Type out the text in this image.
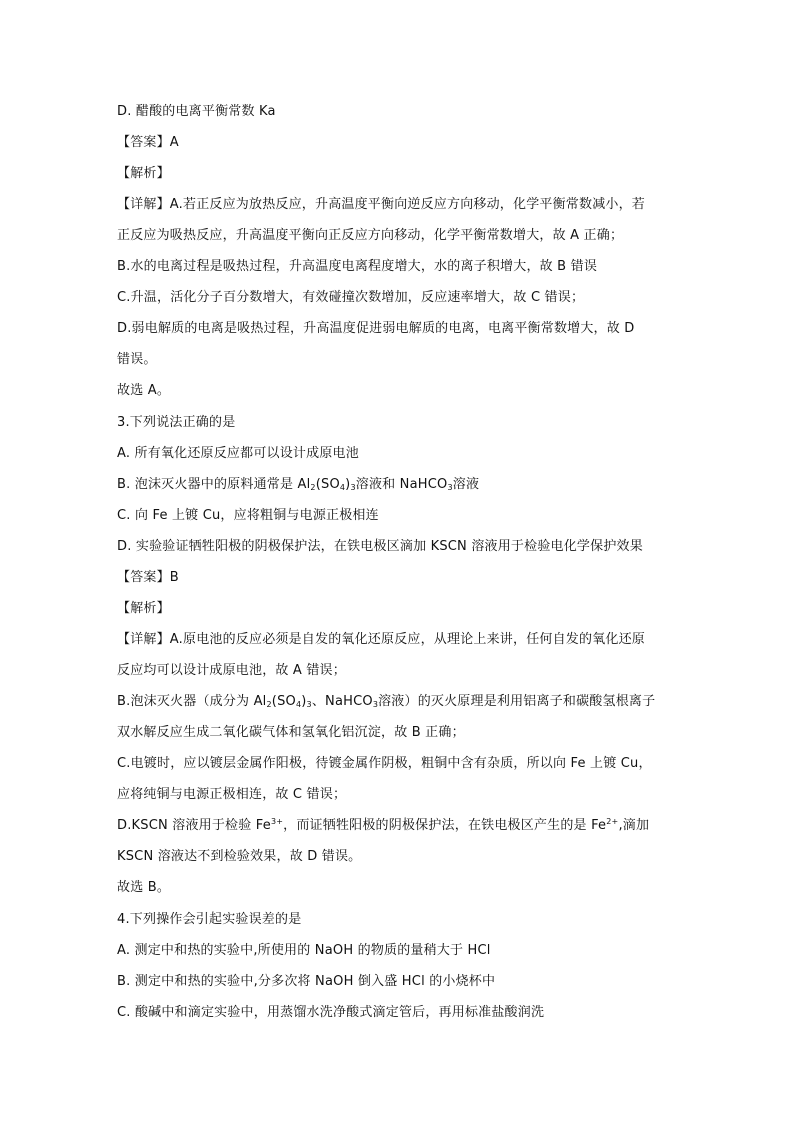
D. 醋酸的电离平衡常数 Ka
【答案】A
【解析】
【详解】A.若正反应为放热反应，升高温度平衡向逆反应方向移动，化学平衡常数减小，若
正反应为吸热反应，升高温度平衡向正反应方向移动，化学平衡常数增大，故 A 正确；
B.水的电离过程是吸热过程，升高温度电离程度增大，水的离子积增大，故 B 错误
C.升温，活化分子百分数增大，有效碰撞次数增加，反应速率增大，故 C 错误；
D.弱电解质的电离是吸热过程，升高温度促进弱电解质的电离，电离平衡常数增大，故 D
错误。
故选 A。
3.下列说法正确的是
A. 所有氧化还原反应都可以设计成原电池
B. 泡沫灭火器中的原料通常是 $Al_2(SO_4)_3$溶液和 NaHCO$_3$溶液
C. 向 Fe 上镀 Cu，应将粗铜与电源正极相连
D. 实验验证牺牲阳极的阴极保护法，在铁电极区滴加 KSCN 溶液用于检验电化学保护效果
【答案】B
【解析】
【详解】A.原电池的反应必须是自发的氧化还原反应，从理论上来讲，任何自发的氧化还原
反应均可以设计成原电池，故 A 错误；
B.泡沫灭火器（成分为 $Al_2(SO_4)_3$、NaHCO$_3$溶液）的灭火原理是利用铝离子和碳酸氢根离子
双水解反应生成二氧化碳气体和氢氧化铝沉淀，故 B 正确；
C.电镀时，应以镀层金属作阳极，待镀金属作阴极，粗铜中含有杂质，所以向 Fe 上镀 Cu，
应将纯铜与电源正极相连，故 C 错误；
D.KSCN 溶液用于检验 $Fe^{3+}$，而证牺牲阳极的阴极保护法，在铁电极区产生的是 $Fe^{2+}$,滴加
KSCN 溶液达不到检验效果，故 D 错误。
故选 B。
4.下列操作会引起实验误差的是
A. 测定中和热的实验中,所使用的 NaOH 的物质的量稍大于 HCl
B. 测定中和热的实验中,分多次将 NaOH 倒入盛 HCl 的小烧杯中
C. 酸碱中和滴定实验中，用蒸馏水洗净酸式滴定管后，再用标准盐酸润洗
